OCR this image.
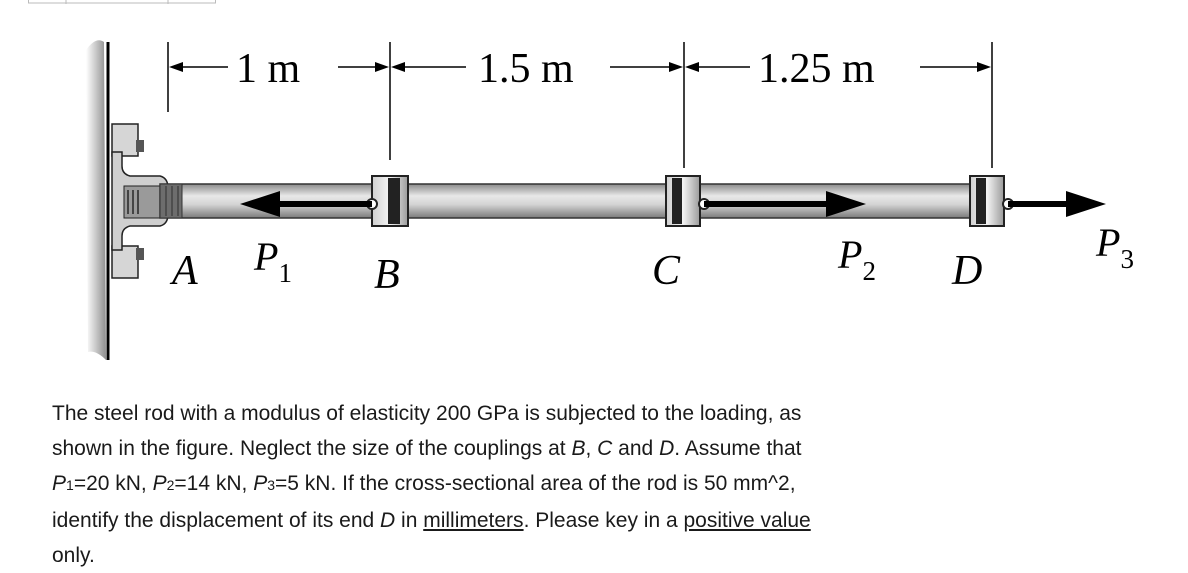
1 m	1.5 m	1.25 m
A	B	C	D
$P_1$	$P_2$
$P_3$
The steel rod with a modulus of elasticity 200 GPa is subjected to the loading, as
shown in the figure. Neglect the size of the couplings at B, C and D. Assume that
P1=20 kN, P2=14 kN, P3=5 kN. If the cross-sectional area of the rod is 50 mm^2,
identify the displacement of its end D in millimeters. Please key in a positive value
only.
